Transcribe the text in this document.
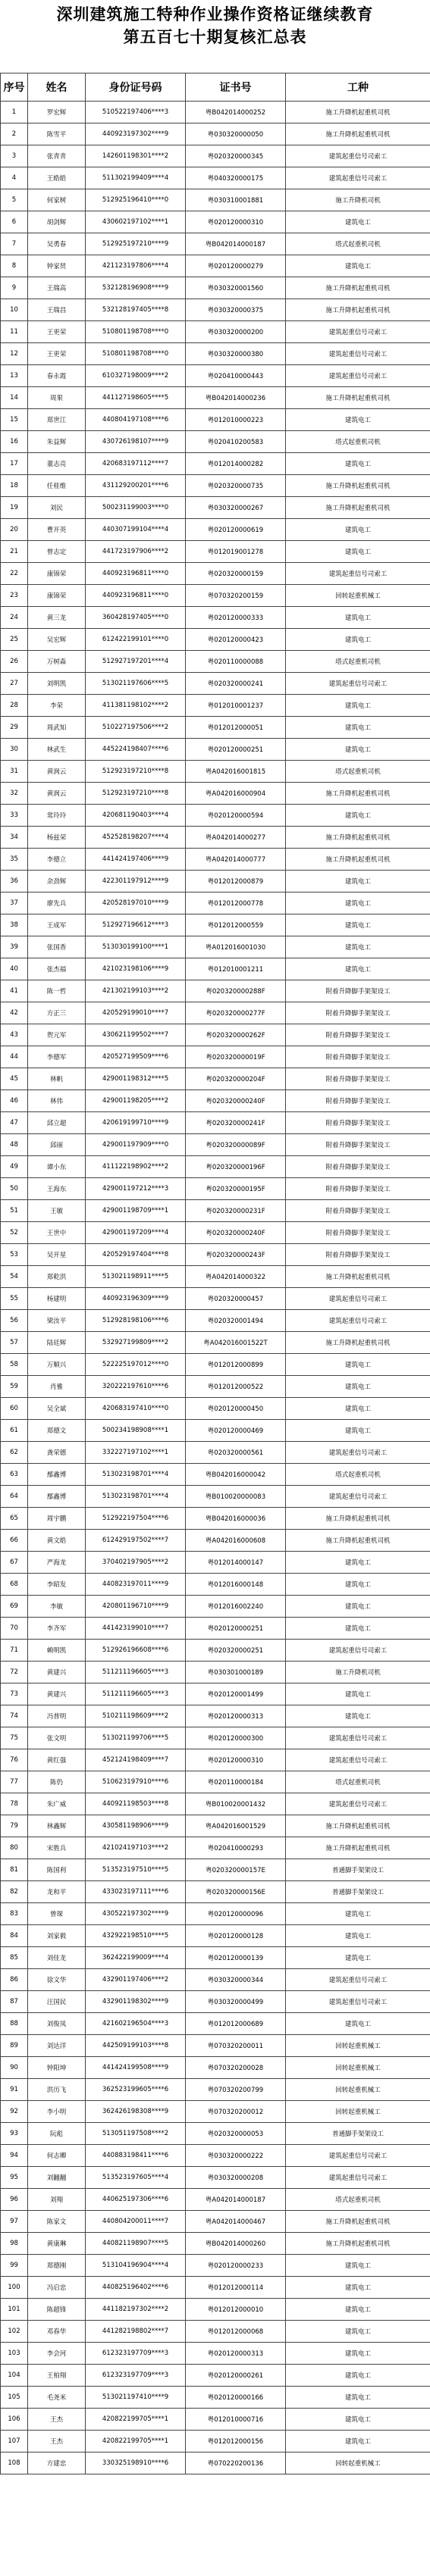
深圳建筑施工特种作业操作资格证继续教育
第五百七十期复核汇总表
序号	姓名	身份证号码	证书号	工种
1	罗宏辉	510522197406****3	粤B042014000252	施工升降机起重机司机
2	陈雪平	440923197302****9	粤030320000050	施工升降机起重机司机
3	张青青	142601198301****2	粤020320000345	建筑起重信号司索工
4	王皓皓	511302199409****4	粤040320000175	建筑起重信号司索工
5	何家树	512925196410****0	粤030310001881	施工升降机司机
6	胡剑辉	430602197102****1	粤020120000310	建筑电工
7	吴勇春	512925197210****9	粤B042014000187	塔式起重机司机
8	钟家贤	421123197806****4	粤020120000279	建筑电工
9	王瑞高	532128196908****9	粤030320001560	施工升降机起重机司机
10	王瑞昌	532128197405****8	粤030320000375	施工升降机起重机司机
11	王更荣	510801198708****0	粤030320000200	建筑起重信号司索工
12	王更荣	510801198708****0	粤030320000380	建筑起重信号司索工
13	春永霞	610327198009****2	粤020410000443	建筑起重信号司索工
14	周果	441127198605****5	粤B042014000236	施工升降机起重机司机
15	郑世江	440804197108****6	粤012010000223	建筑电工
16	朱益辉	430726198107****9	粤020410200583	塔式起重机司机
17	董志亮	420683197112****7	粤012014000282	建筑电工
18	任桂维	431129200201****6	粤020320000735	施工升降机起重机司机
19	刘民	500231199003****0	粤030320000267	施工升降机起重机司机
20	曹开英	440307199104****4	粤020120000619	建筑电工
21	曾志定	441723197906****2	粤012019001278	建筑电工
22	康锦荣	440923196811****0	粤020320000159	建筑起重信号司索工
23	康锦荣	440923196811****0	粤070320200159	回转起重机械工
24	黄三龙	360428197405****0	粤020120000333	建筑电工
25	吴宏辉	612422199101****0	粤020120000423	建筑电工
26	万树森	512927197201****4	粤020110000088	塔式起重机司机
27	刘明凯	513021197606****5	粤020320000241	建筑起重信号司索工
28	李荣	411381198102****2	粤012010001237	建筑电工
29	周武知	510227197506****2	粤012012000051	建筑电工
30	林武生	445224198407****6	粤020120000251	建筑电工
31	黄润云	512923197210****8	粤A042016001815	塔式起重机司机
32	黄润云	512923197210****8	粤A042016000904	施工升降机起重机司机
33	常玲玲	420681190403****4	粤020120000594	建筑电工
34	杨兹荣	452528198207****4	粤A042014000277	施工升降机起重机司机
35	李德立	441424197406****9	粤A042014000777	施工升降机起重机司机
36	余劲辉	422301197912****9	粤012012000879	建筑电工
37	廖先兵	420528197010****9	粤012012000778	建筑电工
38	王成军	512927196612****3	粤012012000559	建筑电工
39	张国香	513030199100****1	粤A012016001030	建筑电工
40	张杰福	421023198106****9	粤012010001211	建筑电工
41	陈一哲	421302199103****2	粤020320000288F	附着升降脚手架架设工
42	方正三	420529199010****7	粤020320000277F	附着升降脚手架架设工
43	贺元军	430621199502****7	粤020320000262F	附着升降脚手架架设工
44	李德军	420527199509****6	粤020320000019F	附着升降脚手架架设工
45	林帆	429001198312****5	粤020320000204F	附着升降脚手架架设工
46	林伟	429001198205****2	粤020320000240F	附着升降脚手架架设工
47	邱立超	420619199710****9	粤020320000241F	附着升降脚手架架设工
48	邱丽	429001197909****0	粤020320000089F	附着升降脚手架架设工
49	谭小东	411122198902****2	粤020320000196F	附着升降脚手架架设工
50	王海东	429001197212****3	粤020320000195F	附着升降脚手架架设工
51	王敏	429001198709****1	粤020320000231F	附着升降脚手架架设工
52	王世中	429001197209****4	粤020320000240F	附着升降脚手架架设工
53	吴开星	420529197404****8	粤020320000243F	附着升降脚手架架设工
54	郑乾洪	513021198911****5	粤A042014000322	施工升降机起重机司机
55	杨建明	440923196309****9	粤020320000457	建筑起重信号司索工
56	梁汝平	512928198106****6	粤020320001494	建筑起重信号司索工
57	陆廷辉	532927199809****2	粤A042016001522T	施工升降机起重机司机
58	万顺兴	522225197012****0	粤012012000899	建筑电工
59	肖雅	320222197610****6	粤012012000522	建筑电工
60	吴全斌	420683197410****0	粤020120000450	建筑电工
61	郑德文	500234198908****1	粤020120000469	建筑电工
62	龚荣德	332227197102****1	粤020320000561	建筑起重信号司索工
63	鄢鑫博	513023198701****4	粤B042016000042	塔式起重机司机
64	鄢鑫博	513023198701****4	粤B010020000083	建筑起重信号司索工
65	周宇鹏	512922197504****6	粤B042016000036	施工升降机起重机司机
66	黄文皓	612429197502****7	粤A042016000608	施工升降机起重机司机
67	严海龙	370402197905****2	粤012014000147	建筑电工
68	李昭发	440823197011****9	粤012016000148	建筑电工
69	李敏	420801196710****9	粤012016002240	建筑电工
70	李齐军	441423199010****7	粤020120000251	建筑电工
71	赖明凯	512926196608****6	粤020320000251	建筑起重信号司索工
72	黄建兴	511211196605****3	粤030301000189	施工升降机司机
73	黄建兴	511211196605****3	粤020120001499	建筑电工
74	冯普明	510211198609****2	粤020120000313	建筑电工
75	张文明	513021199706****5	粤020120000300	建筑起重信号司索工
76	黄红强	452124198409****7	粤020120000310	建筑起重信号司索工
77	陈仍	510623197910****6	粤020110000184	塔式起重机司机
78	朱广威	440921198503****8	粤B010020001432	建筑起重信号司索工
79	林鑫辉	430581198906****9	粤A042016001529	施工升降机起重机司机
80	宋胜兵	421024197103****2	粤020410000293	施工升降机起重机司机
81	陈国利	513523197510****5	粤020320000157E	普通脚手架架设工
82	龙和平	433023197111****6	粤020320000156E	普通脚手架架设工
83	曾琛	430522197302****9	粤020120000096	建筑电工
84	刘家毅	432922198510****5	粤020120000128	建筑电工
85	刘佳龙	362422199009****4	粤020120000139	建筑电工
86	徐文华	432901197406****2	粤030320000344	建筑起重信号司索工
87	汪国民	432901198302****9	粤030320000499	建筑起重信号司索工
88	刘俊凤	421602196504****3	粤012012000689	建筑电工
89	刘达洋	442509199103****8	粤070320200011	回转起重机械工
90	钟阳坤	441424199508****9	粤070320200028	回转起重机械工
91	洪历飞	362523199605****6	粤070320200799	回转起重机械工
92	李小明	362426198308****9	粤070320200012	回转起重机械工
93	阮彪	513051197508****2	粤020320000053	普通脚手架架设工
94	何志卿	440883198411****6	粤030320000222	建筑起重信号司索工
95	刘翻翻	513523197605****4	粤030320000208	建筑起重信号司索工
96	刘翔	440625197306****6	粤A042014000187	塔式起重机司机
97	陈家文	440804200011****7	粤A042014000467	施工升降机起重机司机
98	黄康琳	440821198907****5	粤B042014000260	施工升降机起重机司机
99	郑德刚	513104196904****4	粤020120000233	建筑电工
100	冯启忠	440825196402****6	粤012012000114	建筑电工
101	陈超锋	441182197302****2	粤012012000010	建筑电工
102	邓春华	441282198802****7	粤012012000068	建筑电工
103	李会河	612323197709****3	粤020120000313	建筑电工
104	王柏翔	612323197709****3	粤020120000261	建筑电工
105	毛尧米	513021197410****9	粤020120000166	建筑电工
106	王杰	420822199705****1	粤012010000716	建筑电工
107	王杰	420822199705****1	粤012012000156	建筑电工
108	方建忠	330325198910****6	粤070220200136	回转起重机械工
